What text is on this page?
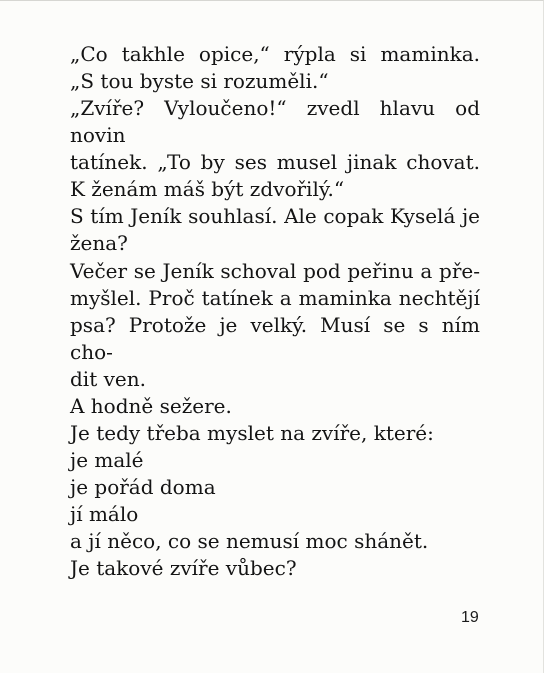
„Co takhle opice,“ rýpla si maminka.
„S tou byste si rozuměli.“
„Zvíře? Vyloučeno!“ zvedl hlavu od novin
tatínek. „To by ses musel jinak chovat.
K ženám máš být zdvořilý.“
S tím Jeník souhlasí. Ale copak Kyselá je
žena?
Večer se Jeník schoval pod peřinu a pře-
myšlel. Proč tatínek a maminka nechtějí
psa? Protože je velký. Musí se s ním cho-
dit ven.
A hodně sežere.
Je tedy třeba myslet na zvíře, které:
je malé
je pořád doma
jí málo
a jí něco, co se nemusí moc shánět.
Je takové zvíře vůbec?
19
